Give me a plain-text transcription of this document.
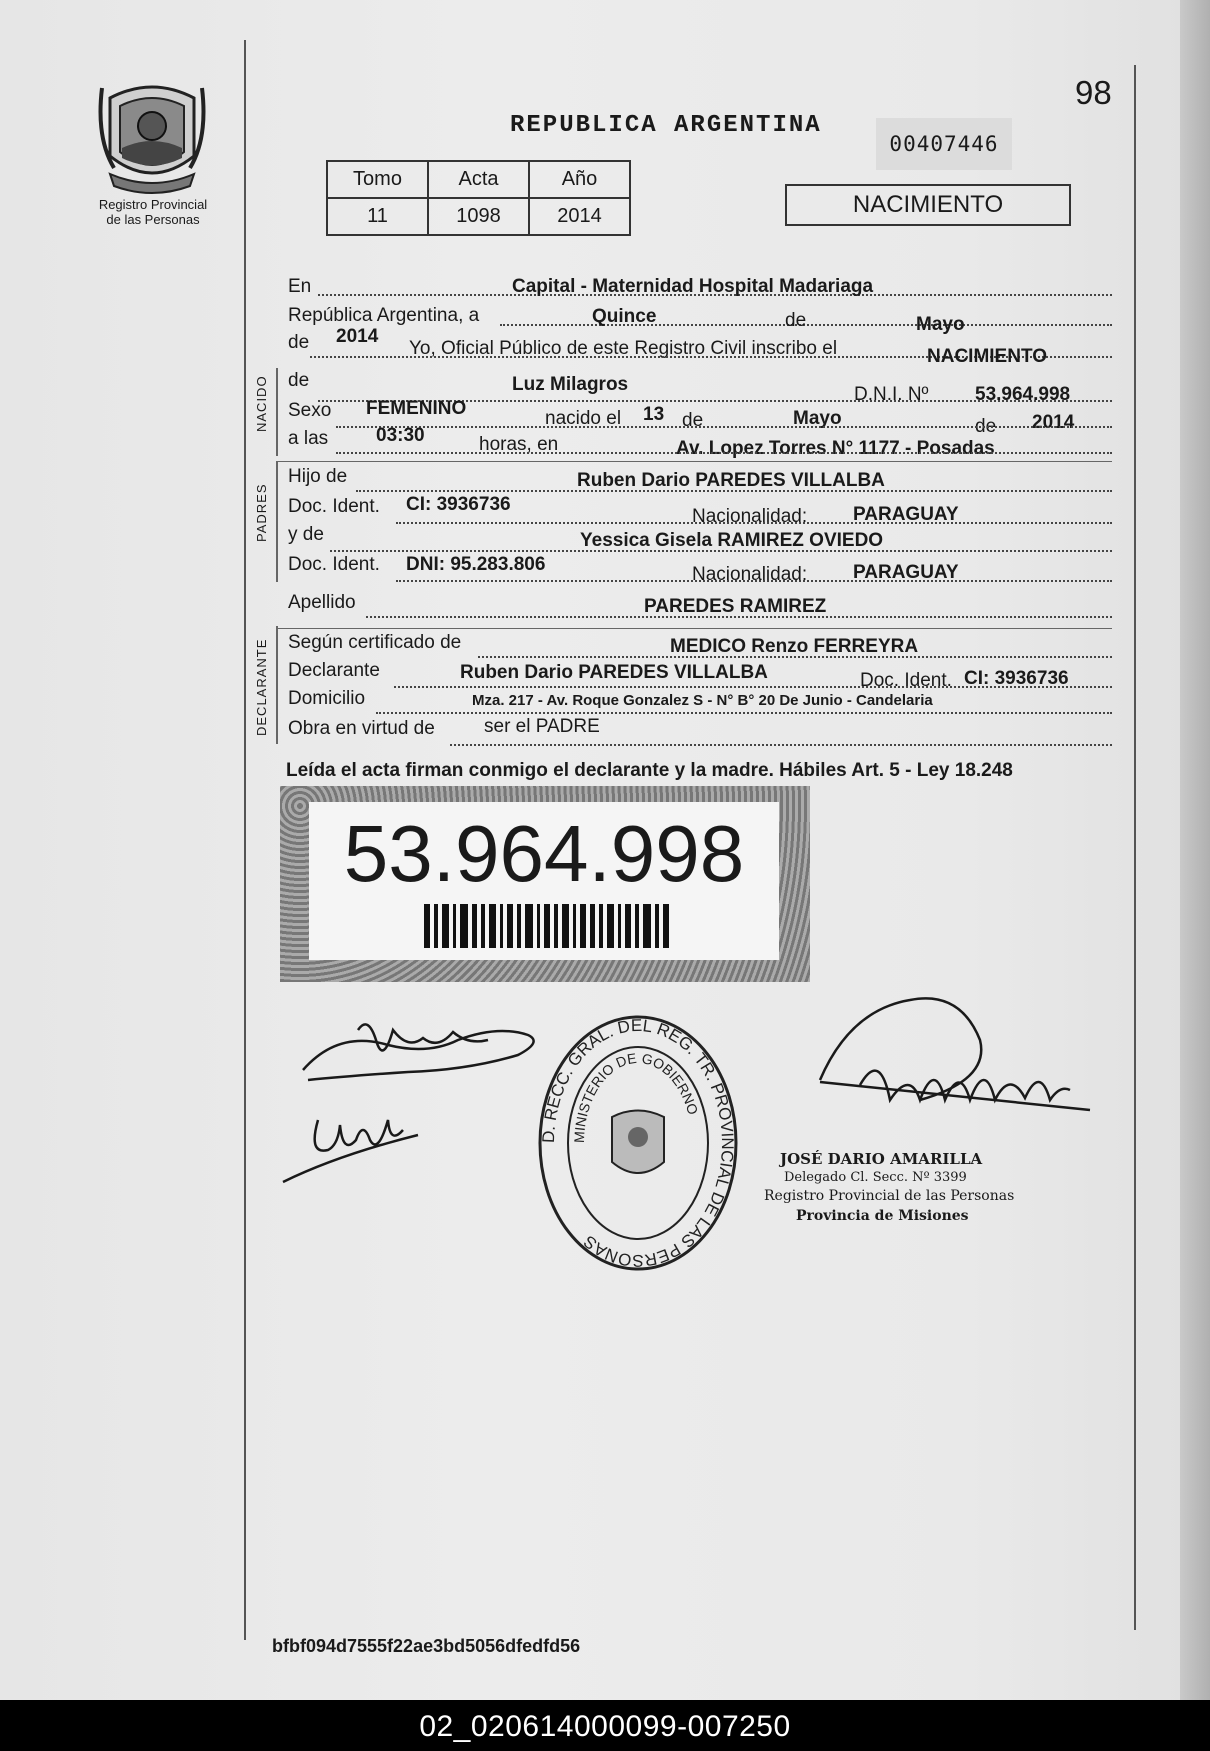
Registro Provincial
de las Personas
98
REPUBLICA ARGENTINA
00407446
Tomo	Acta	Año
11	1098	2014	NACIMIENTO
NACIDO
PADRES
DECLARANTE
En	Capital - Maternidad Hospital Madariaga
República Argentina, a	Quince	de	Mayo
de 2014
Yo, Oficial Público de este Registro Civil inscribo el	NACIMIENTO
de	Luz Milagros	D.N.I. Nº 53.964.998
Sexo FEMENINO	nacido el 13 de	Mayo	de 2014
a las	03:30	horas, en	Av. Lopez Torres N° 1177 - Posadas
Hijo de	Ruben Dario PAREDES VILLALBA
Doc. Ident. CI: 3936736
Nacionalidad: PARAGUAY
y de	Yessica Gisela RAMIREZ OVIEDO
Doc. Ident. DNI: 95.283.806	Nacionalidad: PARAGUAY
Apellido	PAREDES RAMIREZ
Según certificado de	MEDICO Renzo FERREYRA
Declarante	Ruben Dario PAREDES VILLALBA	Doc. Ident. CI: 3936736
Domicilio	Mza. 217 - Av. Roque Gonzalez S - N° B° 20 De Junio - Candelaria
Obra en virtud de	ser el PADRE
Leída el acta firman conmigo el declarante y la madre. Hábiles Art. 5 - Ley 18.248
53.964.998
D. RECC. GRAL. DEL REG. TR. PROVINCIAL DE LAS PERSONAS
MINISTERIO DE GOBIERNO
JOSÉ DARIO AMARILLA
Delegado Cl. Secc. Nº 3399
Registro Provincial de las Personas
Provincia de Misiones
bfbf094d7555f22ae3bd5056dfedfd56
02_020614000099-007250
